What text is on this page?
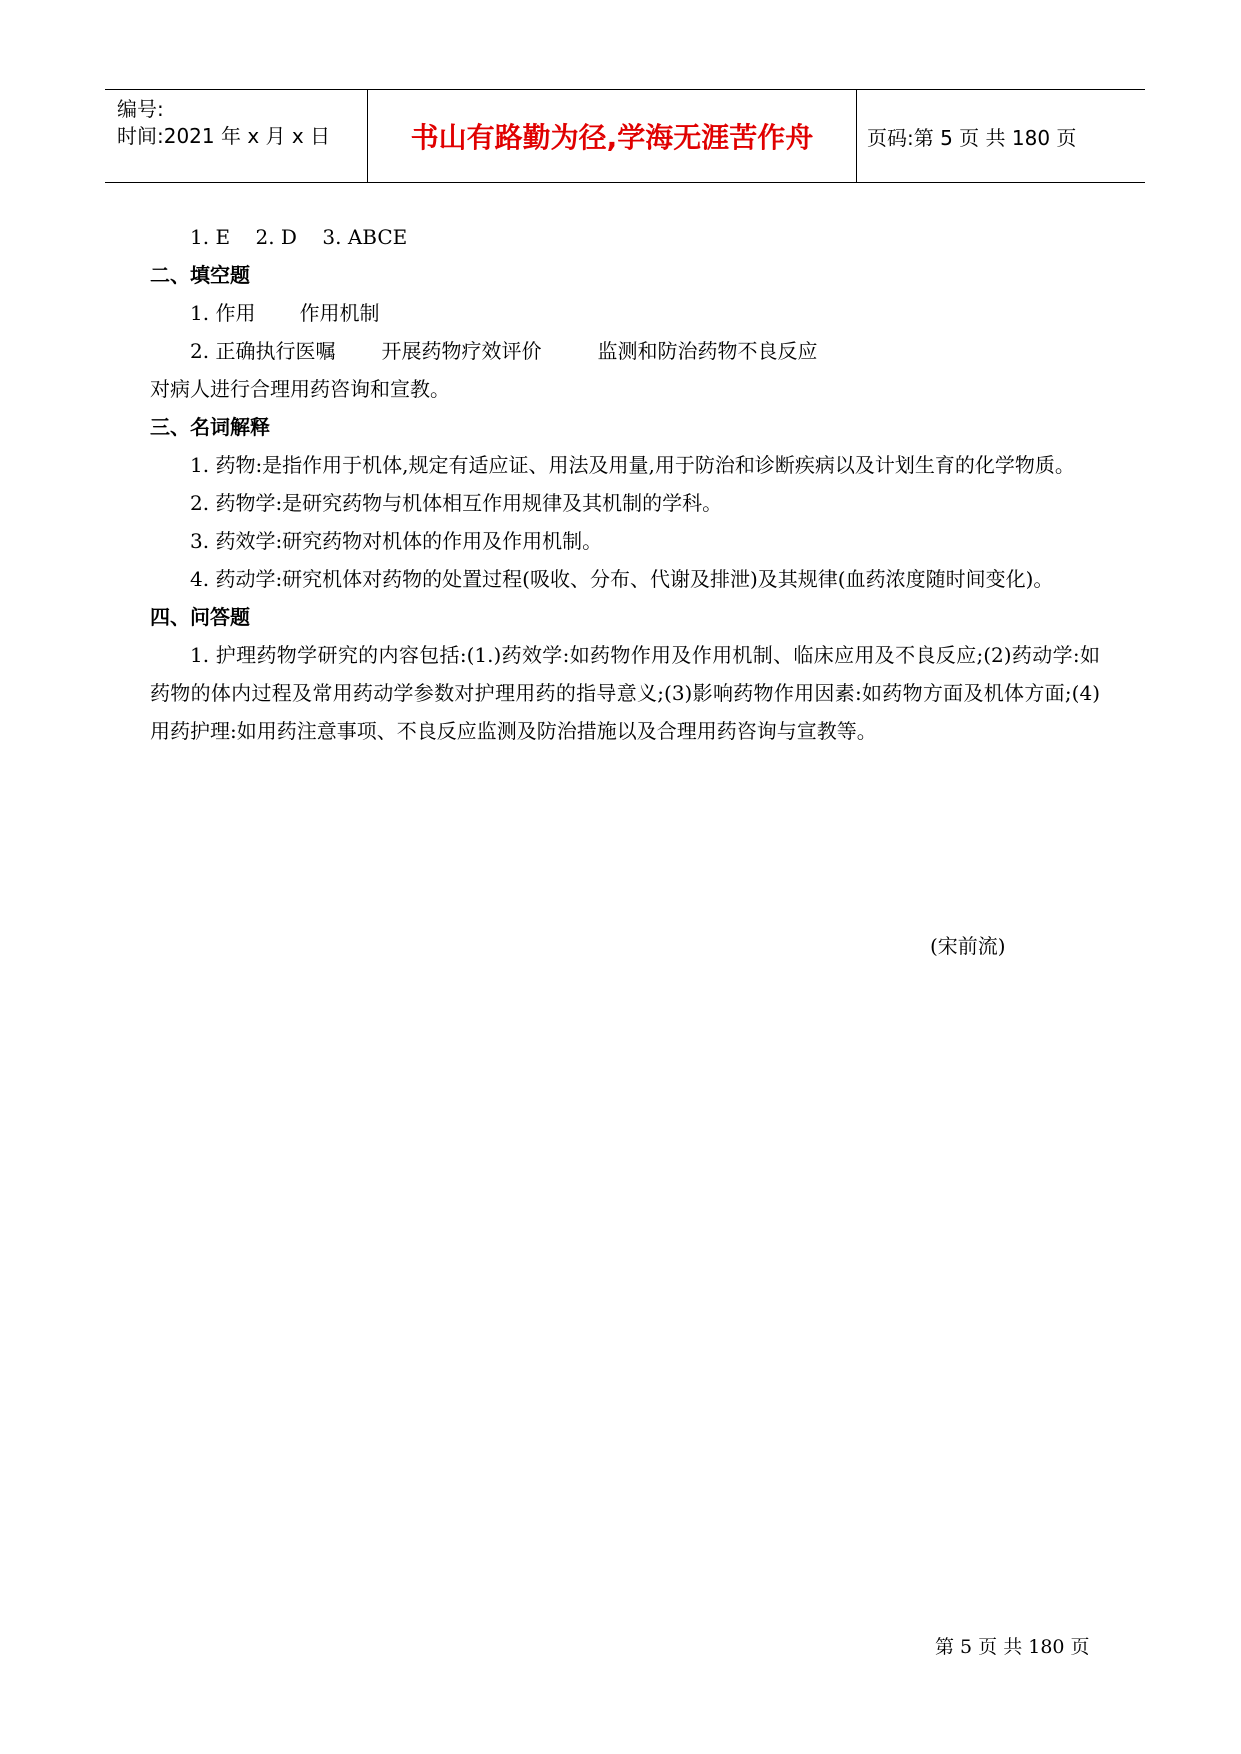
编号:
时间:2021 年 x 月 x 日	书山有路勤为径,学海无涯苦作舟	页码:第 5 页 共 180 页
1. E    2. D    3. ABCE
二、填空题
1. 作用 作用机制
2. 正确执行医嘱 开展药物疗效评价	监测和防治药物不良反应
对病人进行合理用药咨询和宣教。
三、名词解释
1. 药物:是指作用于机体,规定有适应证、用法及用量,用于防治和诊断疾病以及计划生育的化学物质。
2. 药物学:是研究药物与机体相互作用规律及其机制的学科。
3. 药效学:研究药物对机体的作用及作用机制。
4. 药动学:研究机体对药物的处置过程(吸收、分布、代谢及排泄)及其规律(血药浓度随时间变化)。
四、问答题
1. 护理药物学研究的内容包括:(1.)药效学:如药物作用及作用机制、临床应用及不良反应;(2)药动学:如药物的体内过程及常用药动学参数对护理用药的指导意义;(3)影响药物作用因素:如药物方面及机体方面;(4)用药护理:如用药注意事项、不良反应监测及防治措施以及合理用药咨询与宣教等。
(宋前流)
第 5 页 共 180 页
